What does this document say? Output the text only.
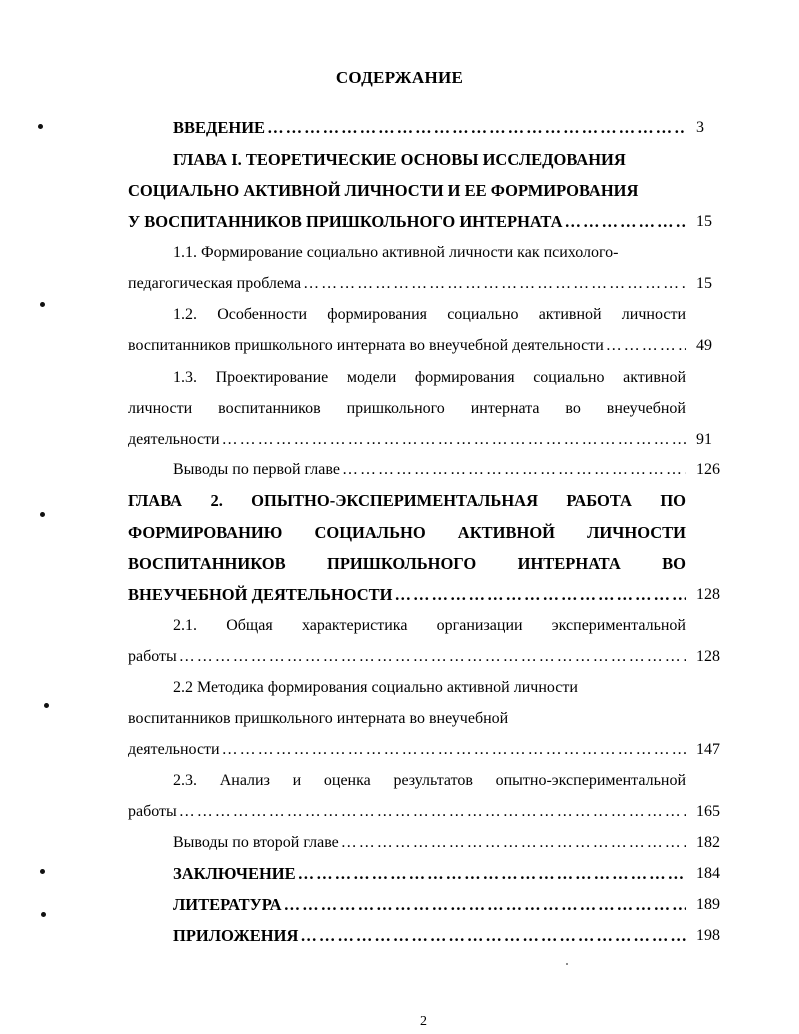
СОДЕРЖАНИЕ
ВВЕДЕНИЕ …………………………………………………………………………………………………………………………………………………………………………………………………………………	3
ГЛАВА I. ТЕОРЕТИЧЕСКИЕ ОСНОВЫ ИССЛЕДОВАНИЯ
СОЦИАЛЬНО АКТИВНОЙ ЛИЧНОСТИ И ЕЕ ФОРМИРОВАНИЯ
У ВОСПИТАННИКОВ ПРИШКОЛЬНОГО ИНТЕРНАТА …………………………………………………………………………………………………………………………………………………………………………………………………………………	15
1.1. Формирование социально активной личности как психолого-
педагогическая проблема …………………………………………………………………………………………………………………………………………………………………………………………………………………	15
1.2. Особенности формирования социально активной личности
воспитанников пришкольного интерната во внеучебной деятельности …………………………………………………………………………………………………………………………………………………………………………………………………………………	49
1.3. Проектирование модели формирования социально активной
личности воспитанников пришкольного интерната во внеучебной
деятельности …………………………………………………………………………………………………………………………………………………………………………………………………………………	91
Выводы по первой главе …………………………………………………………………………………………………………………………………………………………………………………………………………………	126
ГЛАВА 2. ОПЫТНО-ЭКСПЕРИМЕНТАЛЬНАЯ РАБОТА ПО
ФОРМИРОВАНИЮ СОЦИАЛЬНО АКТИВНОЙ ЛИЧНОСТИ
ВОСПИТАННИКОВ ПРИШКОЛЬНОГО ИНТЕРНАТА ВО
ВНЕУЧЕБНОЙ ДЕЯТЕЛЬНОСТИ …………………………………………………………………………………………………………………………………………………………………………………………………………………	128
2.1. Общая характеристика организации экспериментальной
работы …………………………………………………………………………………………………………………………………………………………………………………………………………………	128
2.2 Методика формирования социально активной личности
воспитанников пришкольного интерната во внеучебной
деятельности …………………………………………………………………………………………………………………………………………………………………………………………………………………	147
2.3. Анализ и оценка результатов опытно-экспериментальной
работы …………………………………………………………………………………………………………………………………………………………………………………………………………………	165
Выводы по второй главе …………………………………………………………………………………………………………………………………………………………………………………………………………………	182
ЗАКЛЮЧЕНИЕ …………………………………………………………………………………………………………………………………………………………………………………………………………………	184
ЛИТЕРАТУРА …………………………………………………………………………………………………………………………………………………………………………………………………………………	189
ПРИЛОЖЕНИЯ …………………………………………………………………………………………………………………………………………………………………………………………………………………	198
2
